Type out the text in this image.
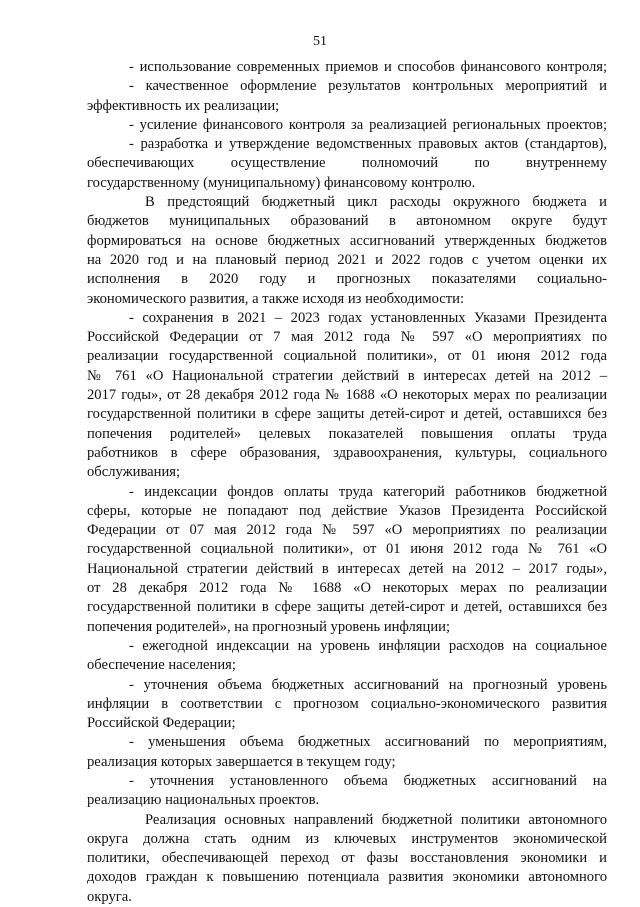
51
- использование современных приемов и способов финансового контроля;
- качественное оформление результатов контрольных мероприятий и
эффективность их реализации;
- усиление финансового контроля за реализацией региональных проектов;
- разработка и утверждение ведомственных правовых актов (стандартов),
обеспечивающих осуществление полномочий по внутреннему
государственному (муниципальному) финансовому контролю.
В предстоящий бюджетный цикл расходы окружного бюджета и
бюджетов муниципальных образований в автономном округе будут
формироваться на основе бюджетных ассигнований утвержденных бюджетов
на 2020 год и на плановый период 2021 и 2022 годов с учетом оценки их
исполнения в 2020 году и прогнозных показателями социально-
экономического развития, а также исходя из необходимости:
- сохранения в 2021 – 2023 годах установленных Указами Президента
Российской Федерации от 7 мая 2012 года № 597 «О мероприятиях по
реализации государственной социальной политики», от 01 июня 2012 года
№ 761 «О Национальной стратегии действий в интересах детей на 2012 –
2017 годы», от 28 декабря 2012 года № 1688 «О некоторых мерах по реализации
государственной политики в сфере защиты детей-сирот и детей, оставшихся без
попечения родителей» целевых показателей повышения оплаты труда
работников в сфере образования, здравоохранения, культуры, социального
обслуживания;
- индексации фондов оплаты труда категорий работников бюджетной
сферы, которые не попадают под действие Указов Президента Российской
Федерации от 07 мая 2012 года № 597 «О мероприятиях по реализации
государственной социальной политики», от 01 июня 2012 года № 761 «О
Национальной стратегии действий в интересах детей на 2012 – 2017 годы»,
от 28 декабря 2012 года № 1688 «О некоторых мерах по реализации
государственной политики в сфере защиты детей-сирот и детей, оставшихся без
попечения родителей», на прогнозный уровень инфляции;
- ежегодной индексации на уровень инфляции расходов на социальное
обеспечение населения;
- уточнения объема бюджетных ассигнований на прогнозный уровень
инфляции в соответствии с прогнозом социально-экономического развития
Российской Федерации;
- уменьшения объема бюджетных ассигнований по мероприятиям,
реализация которых завершается в текущем году;
- уточнения установленного объема бюджетных ассигнований на
реализацию национальных проектов.
Реализация основных направлений бюджетной политики автономного
округа должна стать одним из ключевых инструментов экономической
политики, обеспечивающей переход от фазы восстановления экономики и
доходов граждан к повышению потенциала развития экономики автономного
округа.
